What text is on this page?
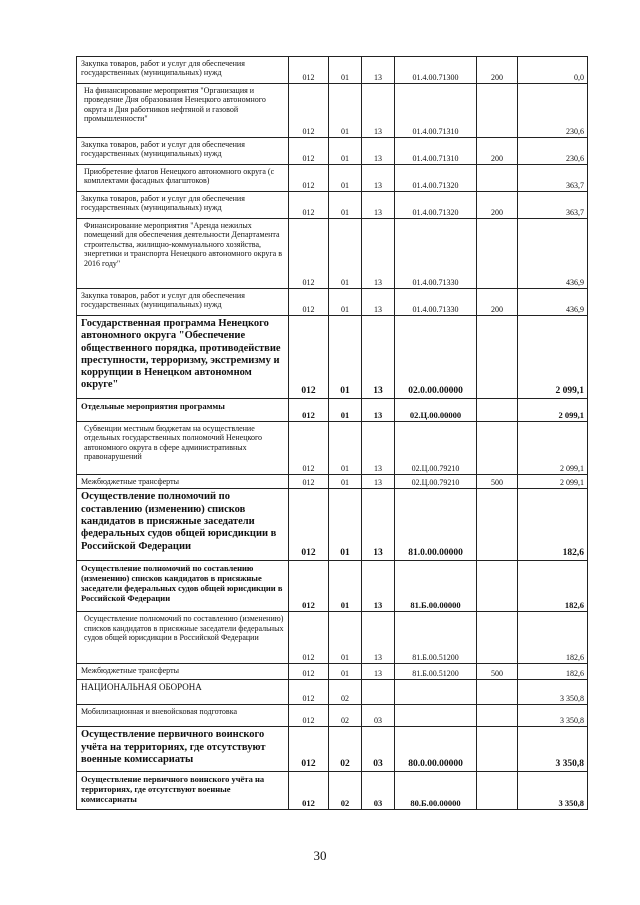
Закупка товаров, работ и услуг для обеспечения государственных (муниципальных) нужд	012	01	13	01.4.00.71300	200	0,0
На финансирование мероприятия "Организация и проведение Дня образования Ненецкого автономного округа и Дня работников нефтяной и газовой промышленности"	012	01	13	01.4.00.71310		230,6
Закупка товаров, работ и услуг для обеспечения государственных (муниципальных) нужд	012	01	13	01.4.00.71310	200	230,6
Приобретение флагов Ненецкого автономного округа (с комплектами фасадных флагштоков)	012	01	13	01.4.00.71320		363,7
Закупка товаров, работ и услуг для обеспечения государственных (муниципальных) нужд	012	01	13	01.4.00.71320	200	363,7
Финансирование мероприятия "Аренда нежилых помещений для обеспечения деятельности Департамента строительства, жилищно-коммунального хозяйства, энергетики и транспорта Ненецкого автономного округа в 2016 году"	012	01	13	01.4.00.71330		436,9
Закупка товаров, работ и услуг для обеспечения государственных (муниципальных) нужд	012	01	13	01.4.00.71330	200	436,9
Государственная программа Ненецкого автономного округа "Обеспечение общественного порядка, противодействие преступности, терроризму, экстремизму и коррупции в Ненецком автономном округе"	012	01	13	02.0.00.00000		2 099,1
Отдельные мероприятия программы	012	01	13	02.Ц.00.00000		2 099,1
Субвенции местным бюджетам на осуществление отдельных государственных полномочий Ненецкого автономного округа в сфере административных правонарушений	012	01	13	02.Ц.00.79210		2 099,1
Межбюджетные трансферты	012	01	13	02.Ц.00.79210	500	2 099,1
Осуществление полномочий по составлению (изменению) списков кандидатов в присяжные заседатели федеральных судов общей юрисдикции в Российской Федерации	012	01	13	81.0.00.00000		182,6
Осуществление полномочий по составлению (изменению) списков кандидатов в присяжные заседатели федеральных судов общей юрисдикции в Российской Федерации	012	01	13	81.Б.00.00000		182,6
Осуществление полномочий по составлению (изменению) списков кандидатов в присяжные заседатели федеральных судов общей юрисдикции в Российской Федерации	012	01	13	81.Б.00.51200		182,6
Межбюджетные трансферты	012	01	13	81.Б.00.51200	500	182,6
НАЦИОНАЛЬНАЯ ОБОРОНА	012	02				3 350,8
Мобилизационная и вневойсковая подготовка	012	02	03			3 350,8
Осуществление первичного воинского учёта на территориях, где отсутствуют военные комиссариаты	012	02	03	80.0.00.00000		3 350,8
Осуществление первичного воинского учёта на территориях, где отсутствуют военные комиссариаты	012	02	03	80.Б.00.00000		3 350,8
30
